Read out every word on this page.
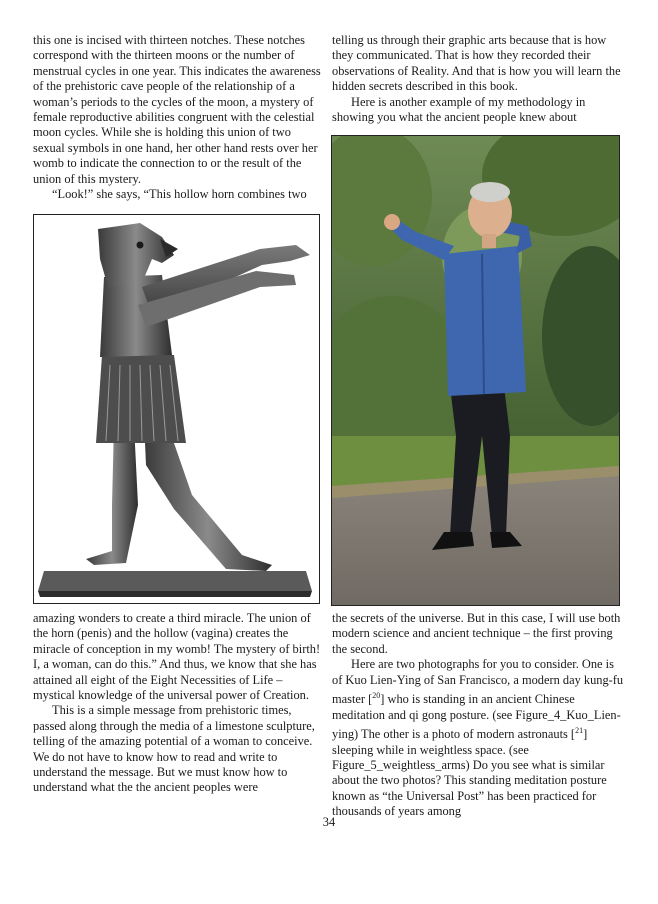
this one is incised with thirteen notches. These notches correspond with the thirteen moons or the number of menstrual cycles in one year. This indicates the awareness of the prehistoric cave people of the relationship of a woman’s periods to the cycles of the moon, a mystery of female reproductive abilities congruent with the celestial moon cycles. While she is holding this union of two sexual symbols in one hand, her other hand rests over her womb to indicate the connection to or the result of the union of this mystery.

“Look!” she says, “This hollow horn combines two

amazing wonders to create a third miracle. The union of the horn (penis) and the hollow (vagina) creates the miracle of conception in my womb! The mystery of birth! I, a woman, can do this.” And thus, we know that she has attained all eight of the Eight Necessities of Life – mystical knowledge of the universal power of Creation.

This is a simple message from prehistoric times, passed along through the media of a limestone sculpture, telling of the amazing potential of a woman to conceive. We do not have to know how to read and write to understand the message. But we must know how to understand what the the ancient peoples were

telling us through their graphic arts because that is how they communicated. That is how they recorded their observations of Reality. And that is how you will learn the hidden secrets described in this book.

Here is another example of my methodology in showing you what the ancient people knew about

the secrets of the universe. But in this case, I will use both modern science and ancient technique – the first proving the second.

Here are two photographs for you to consider. One is of Kuo Lien-Ying of San Francisco, a modern day kung-fu master [$^{20}$] who is standing in an ancient Chinese meditation and qi gong posture. (see Figure_4_Kuo_Lien-ying) The other is a photo of modern astronauts [$^{21}$] sleeping while in weightless space. (see Figure_5_weightless_arms) Do you see what is similar about the two photos? This standing meditation posture known as “the Universal Post” has been practiced for thousands of years among

34
